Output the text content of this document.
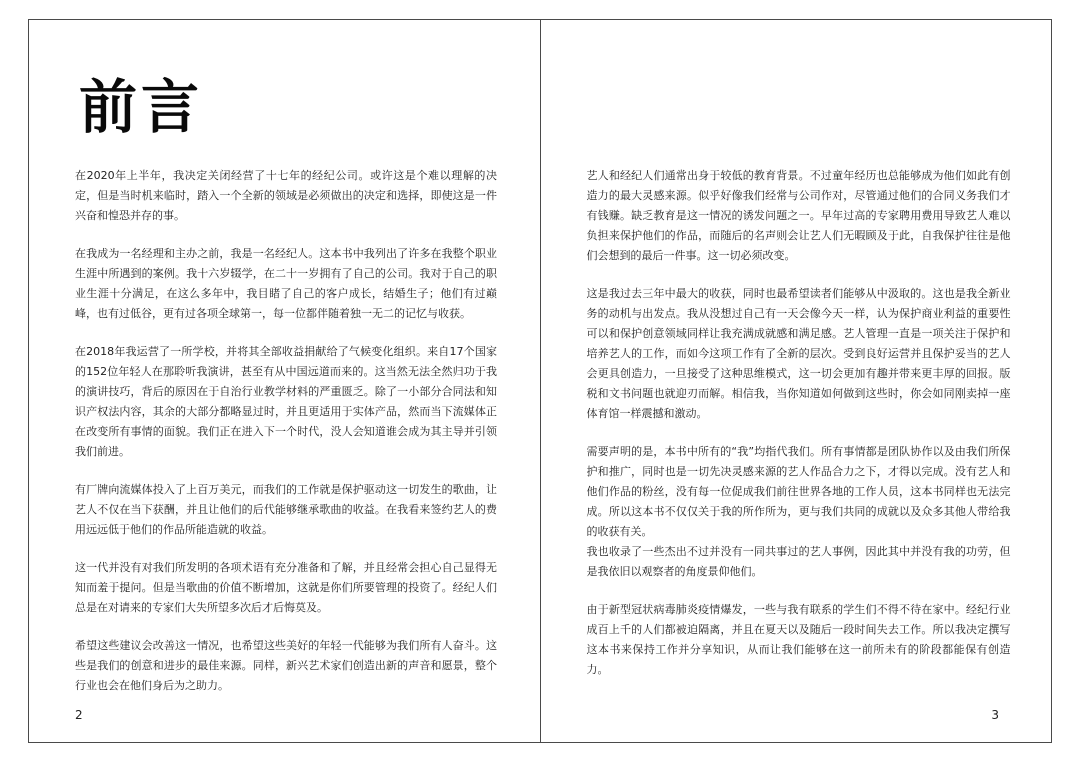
前言

在2020年上半年，我决定关闭经营了十七年的经纪公司。或许这是个难以理解的决定，但是当时机来临时，踏入一个全新的领域是必须做出的决定和选择，即使这是一件兴奋和惶恐并存的事。

在我成为一名经理和主办之前，我是一名经纪人。这本书中我列出了许多在我整个职业生涯中所遇到的案例。我十六岁辍学，在二十一岁拥有了自己的公司。我对于自己的职业生涯十分满足，在这么多年中，我目睹了自己的客户成长，结婚生子；他们有过巅峰，也有过低谷，更有过各项全球第一，每一位都伴随着独一无二的记忆与收获。

在2018年我运营了一所学校，并将其全部收益捐献给了气候变化组织。来自17个国家的152位年轻人在那聆听我演讲，甚至有从中国远道而来的。这当然无法全然归功于我的演讲技巧，背后的原因在于自治行业教学材料的严重匮乏。除了一小部分合同法和知识产权法内容，其余的大部分都略显过时，并且更适用于实体产品，然而当下流媒体正在改变所有事情的面貌。我们正在进入下一个时代，没人会知道谁会成为其主导并引领我们前进。

有厂牌向流媒体投入了上百万美元，而我们的工作就是保护驱动这一切发生的歌曲，让艺人不仅在当下获酬，并且让他们的后代能够继承歌曲的收益。在我看来签约艺人的费用远远低于他们的作品所能造就的收益。

这一代并没有对我们所发明的各项术语有充分准备和了解，并且经常会担心自己显得无知而羞于提问。但是当歌曲的价值不断增加，这就是你们所要管理的投资了。经纪人们总是在对请来的专家们大失所望多次后才后悔莫及。

希望这些建议会改善这一情况，也希望这些美好的年轻一代能够为我们所有人奋斗。这些是我们的创意和进步的最佳来源。同样，新兴艺术家们创造出新的声音和愿景，整个行业也会在他们身后为之助力。

2

艺人和经纪人们通常出身于较低的教育背景。不过童年经历也总能够成为他们如此有创造力的最大灵感来源。似乎好像我们经常与公司作对，尽管通过他们的合同义务我们才有钱赚。缺乏教育是这一情况的诱发问题之一。早年过高的专家聘用费用导致艺人难以负担来保护他们的作品，而随后的名声则会让艺人们无暇顾及于此，自我保护往往是他们会想到的最后一件事。这一切必须改变。

这是我过去三年中最大的收获，同时也最希望读者们能够从中汲取的。这也是我全新业务的动机与出发点。我从没想过自己有一天会像今天一样，认为保护商业利益的重要性可以和保护创意领域同样让我充满成就感和满足感。艺人管理一直是一项关注于保护和培养艺人的工作，而如今这项工作有了全新的层次。受到良好运营并且保护妥当的艺人会更具创造力，一旦接受了这种思维模式，这一切会更加有趣并带来更丰厚的回报。版税和文书问题也就迎刃而解。相信我，当你知道如何做到这些时，你会如同刚卖掉一座体育馆一样震撼和激动。

需要声明的是，本书中所有的“我”均指代我们。所有事情都是团队协作以及由我们所保护和推广，同时也是一切先决灵感来源的艺人作品合力之下，才得以完成。没有艺人和他们作品的粉丝，没有每一位促成我们前往世界各地的工作人员，这本书同样也无法完成。所以这本书不仅仅关于我的所作所为，更与我们共同的成就以及众多其他人带给我的收获有关。
我也收录了一些杰出不过并没有一同共事过的艺人事例，因此其中并没有我的功劳，但是我依旧以观察者的角度景仰他们。

由于新型冠状病毒肺炎疫情爆发，一些与我有联系的学生们不得不待在家中。经纪行业成百上千的人们都被迫隔离，并且在夏天以及随后一段时间失去工作。所以我决定撰写这本书来保持工作并分享知识，从而让我们能够在这一前所未有的阶段都能保有创造力。

3
